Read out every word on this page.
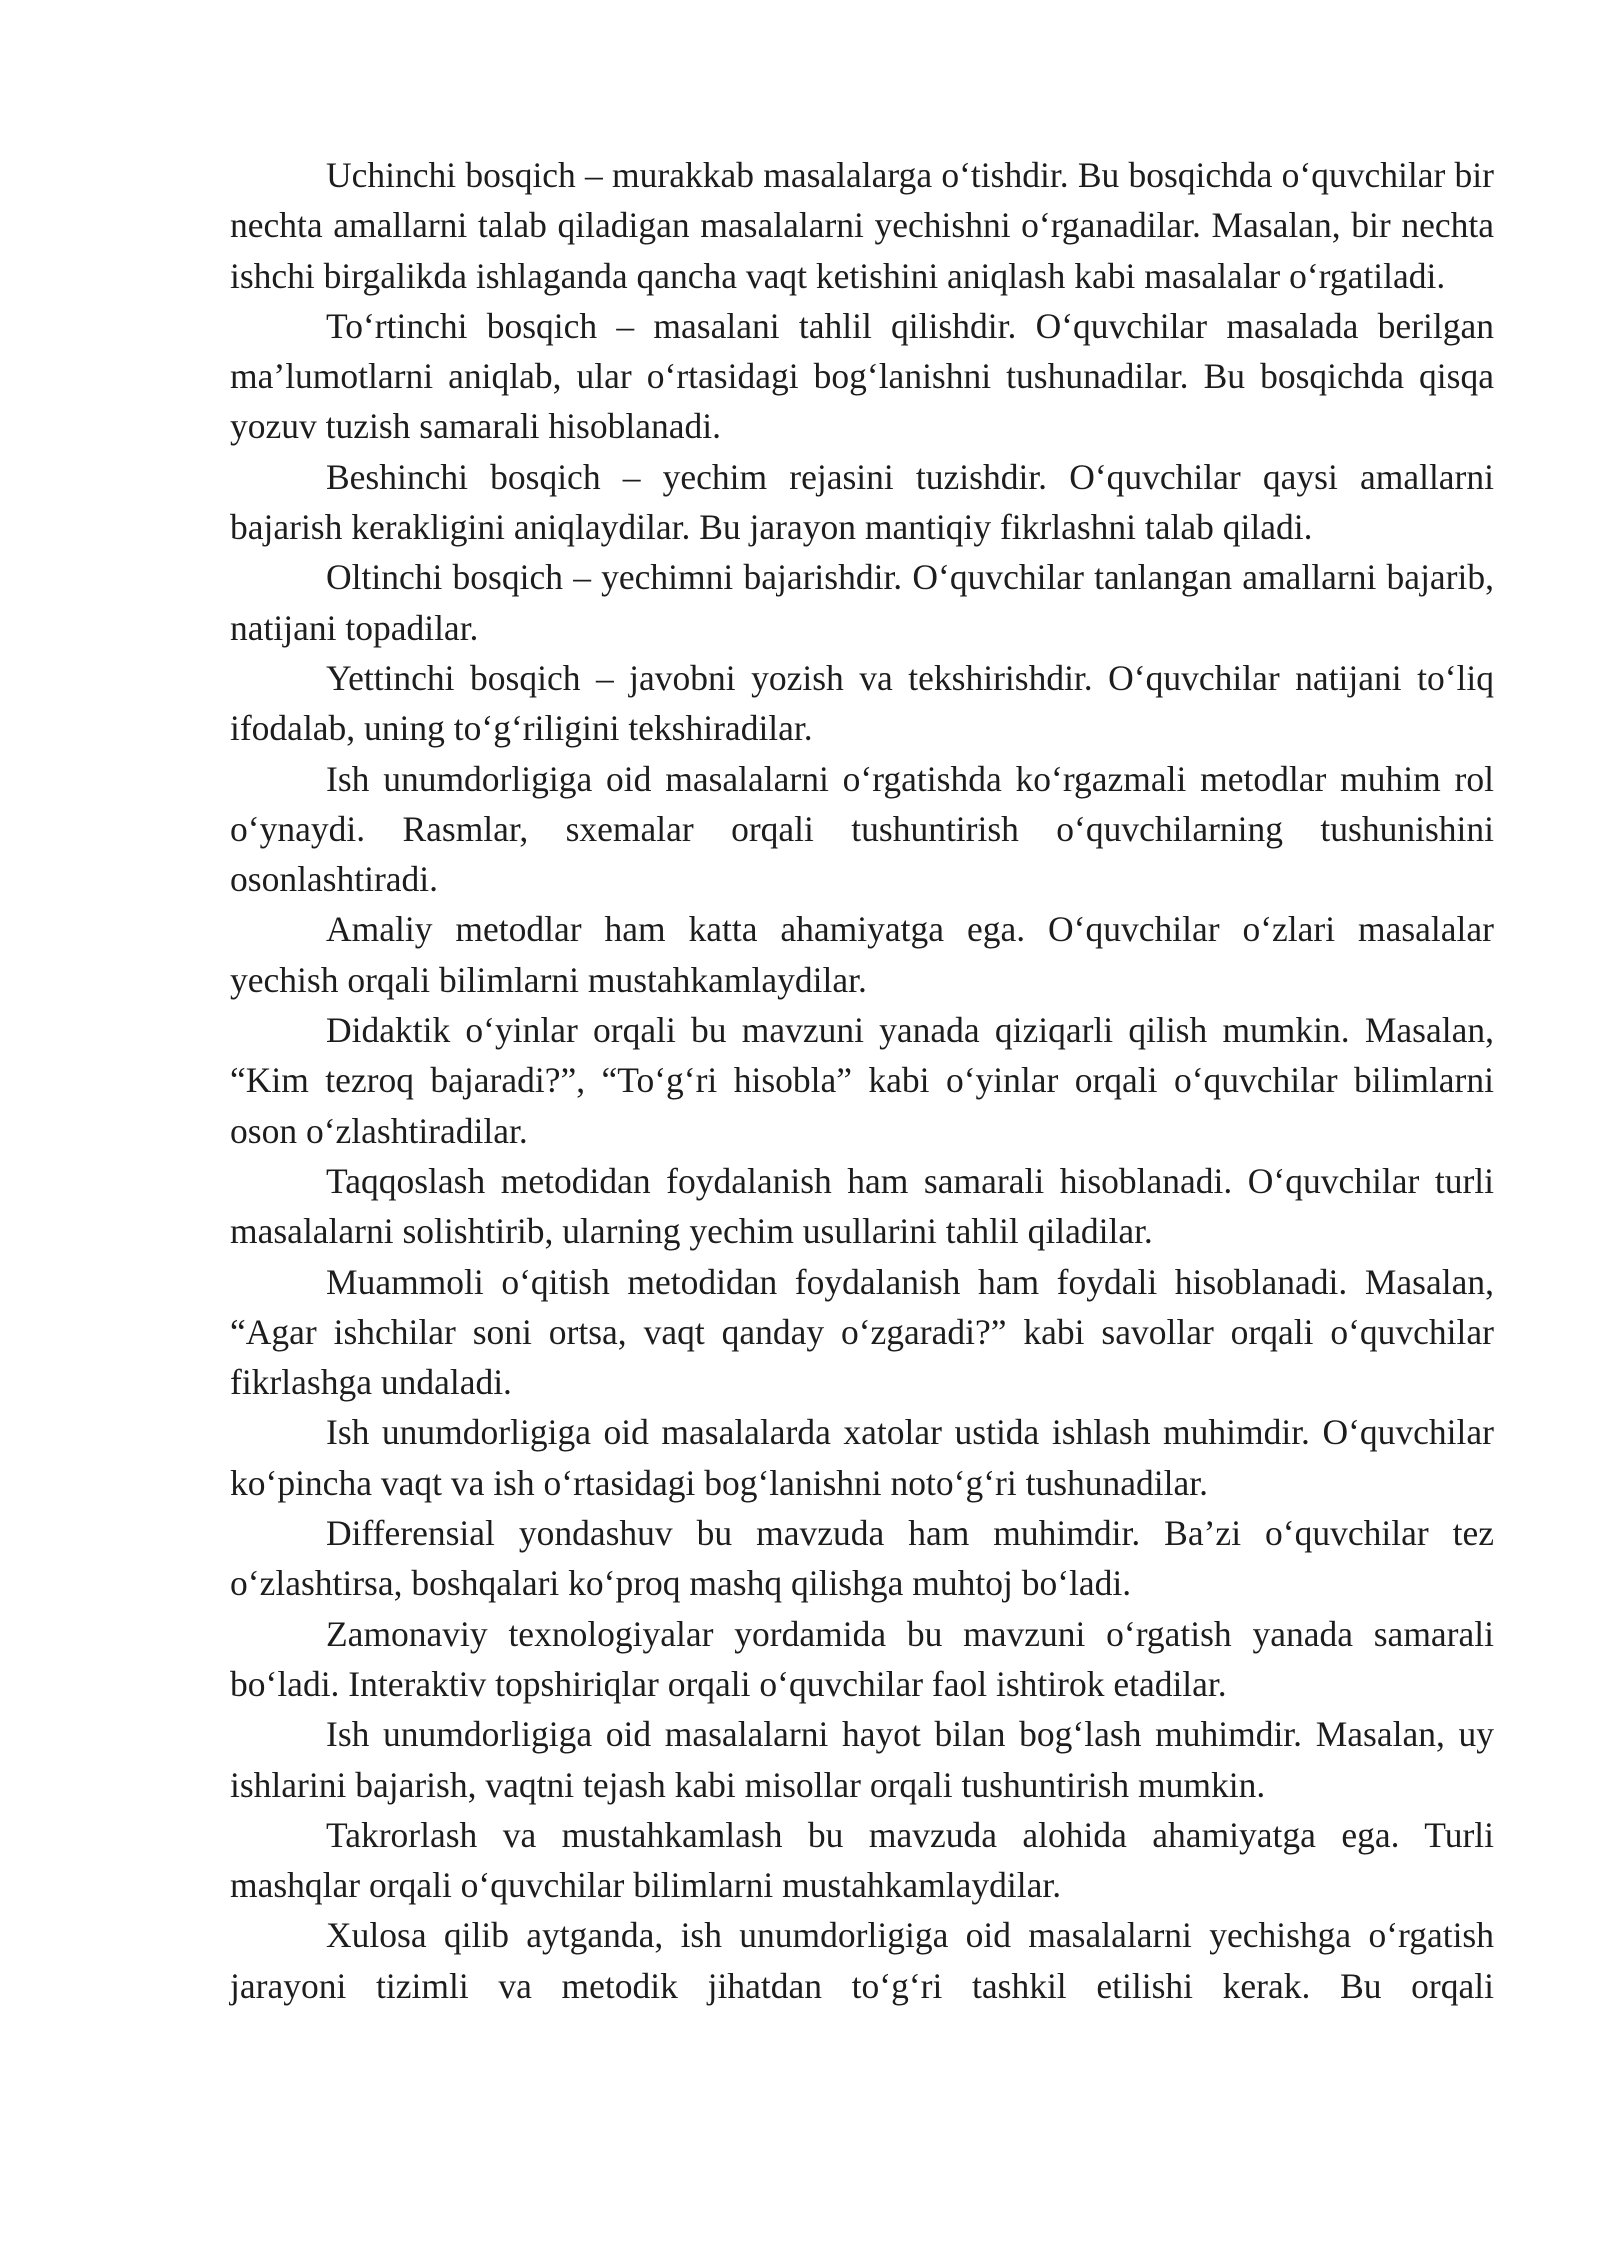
Uchinchi bosqich – murakkab masalalarga o‘tishdir. Bu bosqichda o‘quvchilar bir nechta amallarni talab qiladigan masalalarni yechishni o‘rganadilar. Masalan, bir nechta ishchi birgalikda ishlaganda qancha vaqt ketishini aniqlash kabi masalalar o‘rgatiladi.

To‘rtinchi bosqich – masalani tahlil qilishdir. O‘quvchilar masalada berilgan ma’lumotlarni aniqlab, ular o‘rtasidagi bog‘lanishni tushunadilar. Bu bosqichda qisqa yozuv tuzish samarali hisoblanadi.

Beshinchi bosqich – yechim rejasini tuzishdir. O‘quvchilar qaysi amallarni bajarish kerakligini aniqlaydilar. Bu jarayon mantiqiy fikrlashni talab qiladi.

Oltinchi bosqich – yechimni bajarishdir. O‘quvchilar tanlangan amallarni bajarib, natijani topadilar.

Yettinchi bosqich – javobni yozish va tekshirishdir. O‘quvchilar natijani to‘liq ifodalab, uning to‘g‘riligini tekshiradilar.

Ish unumdorligiga oid masalalarni o‘rgatishda ko‘rgazmali metodlar muhim rol o‘ynaydi. Rasmlar, sxemalar orqali tushuntirish o‘quvchilarning tushunishini osonlashtiradi.

Amaliy metodlar ham katta ahamiyatga ega. O‘quvchilar o‘zlari masalalar yechish orqali bilimlarni mustahkamlaydilar.

Didaktik o‘yinlar orqali bu mavzuni yanada qiziqarli qilish mumkin. Masalan, “Kim tezroq bajaradi?”, “To‘g‘ri hisobla” kabi o‘yinlar orqali o‘quvchilar bilimlarni oson o‘zlashtiradilar.

Taqqoslash metodidan foydalanish ham samarali hisoblanadi. O‘quvchilar turli masalalarni solishtirib, ularning yechim usullarini tahlil qiladilar.

Muammoli o‘qitish metodidan foydalanish ham foydali hisoblanadi. Masalan, “Agar ishchilar soni ortsa, vaqt qanday o‘zgaradi?” kabi savollar orqali o‘quvchilar fikrlashga undaladi.

Ish unumdorligiga oid masalalarda xatolar ustida ishlash muhimdir. O‘quvchilar ko‘pincha vaqt va ish o‘rtasidagi bog‘lanishni noto‘g‘ri tushunadilar.

Differensial yondashuv bu mavzuda ham muhimdir. Ba’zi o‘quvchilar tez o‘zlashtirsa, boshqalari ko‘proq mashq qilishga muhtoj bo‘ladi.

Zamonaviy texnologiyalar yordamida bu mavzuni o‘rgatish yanada samarali bo‘ladi. Interaktiv topshiriqlar orqali o‘quvchilar faol ishtirok etadilar.

Ish unumdorligiga oid masalalarni hayot bilan bog‘lash muhimdir. Masalan, uy ishlarini bajarish, vaqtni tejash kabi misollar orqali tushuntirish mumkin.

Takrorlash va mustahkamlash bu mavzuda alohida ahamiyatga ega. Turli mashqlar orqali o‘quvchilar bilimlarni mustahkamlaydilar.

Xulosa qilib aytganda, ish unumdorligiga oid masalalarni yechishga o‘rgatish jarayoni tizimli va metodik jihatdan to‘g‘ri tashkil etilishi kerak. Bu orqali
